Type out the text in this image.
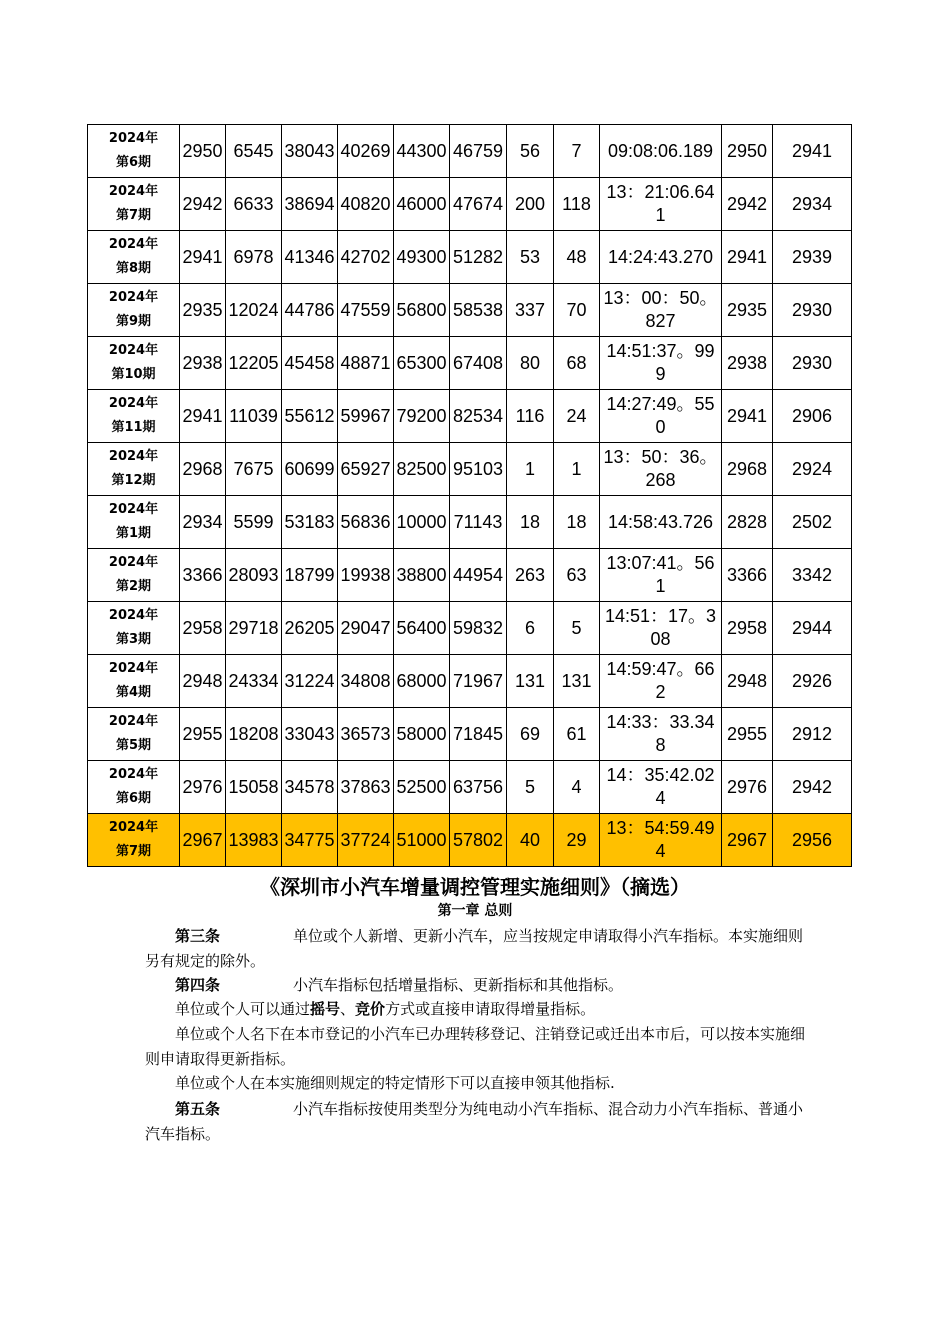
2024年
第6期	2950	6545	38043	40269	44300	46759	56	7	09:08:06.189	2950	2941

2024年
第7期	2942	6633	38694	40820	46000	47674	200	118	13：21:06.641	2942	2934

2024年
第8期	2941	6978	41346	42702	49300	51282	53	48	14:24:43.270	2941	2939

2024年
第9期	2935	12024	44786	47559	56800	58538	337	70	13：00：50。827	2935	2930

2024年
第10期	2938	12205	45458	48871	65300	67408	80	68	14:51:37。999	2938	2930

2024年
第11期	2941	11039	55612	59967	79200	82534	116	24	14:27:49。550	2941	2906

2024年
第12期	2968	7675	60699	65927	82500	95103	1	1	13：50：36。268	2968	2924

2024年
第1期	2934	5599	53183	56836	10000	71143	18	18	14:58:43.726	2828	2502

2024年
第2期	3366	28093	18799	19938	38800	44954	263	63	13:07:41。561	3366	3342

2024年
第3期	2958	29718	26205	29047	56400	59832	6	5	14:51：17。308	2958	2944

2024年
第4期	2948	24334	31224	34808	68000	71967	131	131	14:59:47。662	2948	2926

2024年
第5期	2955	18208	33043	36573	58000	71845	69	61	14:33：33.348	2955	2912

2024年
第6期	2976	15058	34578	37863	52500	63756	5	4	14：35:42.024	2976	2942

2024年
第7期	2967	13983	34775	37724	51000	57802	40	29	13：54:59.494	2967	2956
《深圳市小汽车增量调控管理实施细则》（摘选）
第一章 总则
第三条	单位或个人新增、更新小汽车，应当按规定申请取得小汽车指标。本实施细则另有规定的除外。
第四条	小汽车指标包括增量指标、更新指标和其他指标。
单位或个人可以通过摇号、竞价方式或直接申请取得增量指标。
单位或个人名下在本市登记的小汽车已办理转移登记、注销登记或迁出本市后，可以按本实施细则申请取得更新指标。
单位或个人在本实施细则规定的特定情形下可以直接申领其他指标.
第五条	小汽车指标按使用类型分为纯电动小汽车指标、混合动力小汽车指标、普通小汽车指标。
